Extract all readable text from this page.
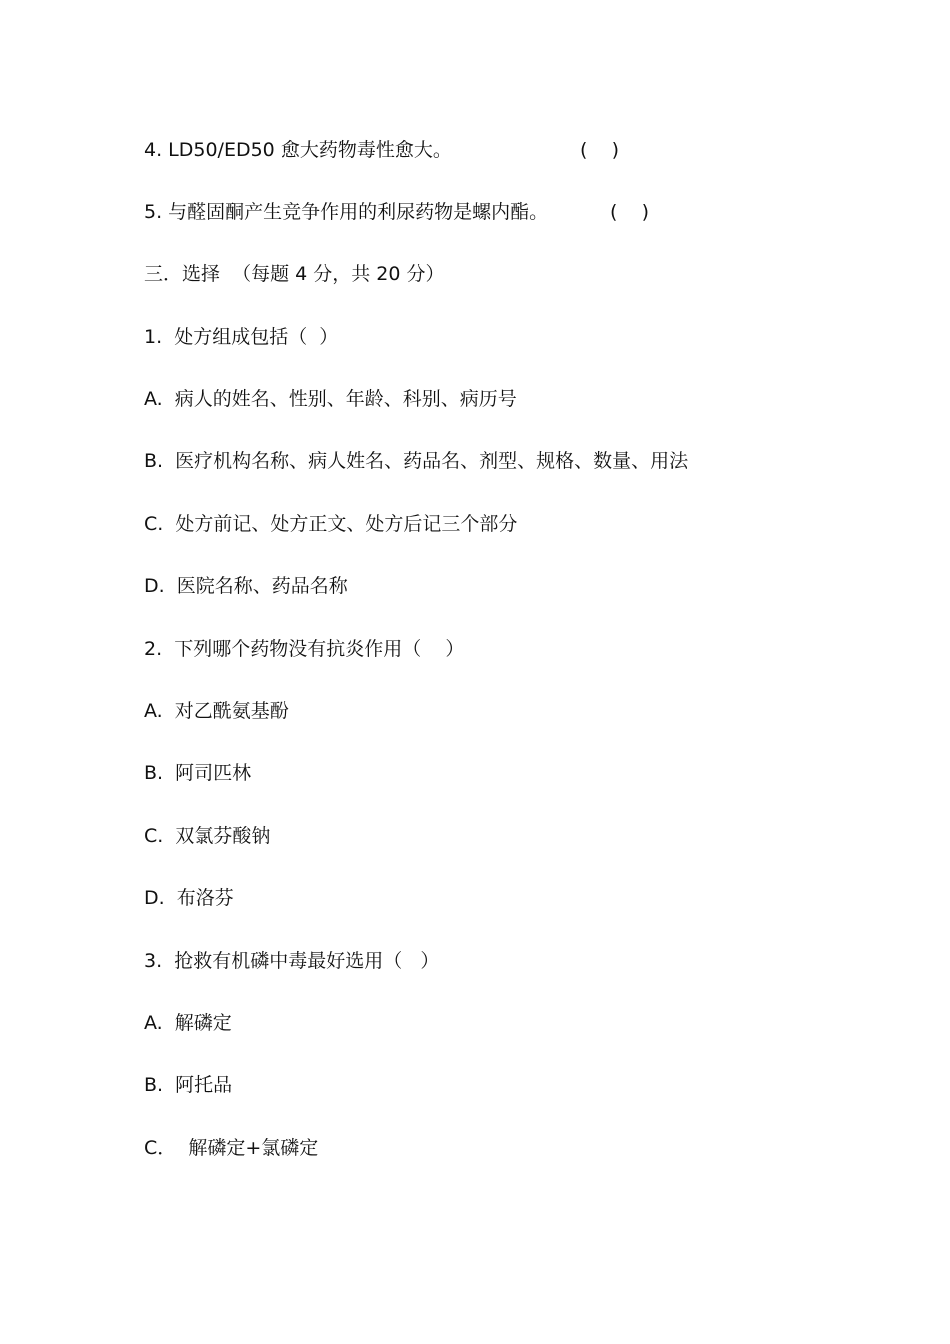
4. LD50/ED50 愈大药物毒性愈大。	(    )
5. 与醛固酮产生竞争作用的利尿药物是螺内酯。	(    )
三．选择  （每题 4 分，共 20 分）
1.  处方组成包括（  ）
A.  病人的姓名、性别、年龄、科别、病历号
B.  医疗机构名称、病人姓名、药品名、剂型、规格、数量、用法
C.  处方前记、处方正文、处方后记三个部分
D.  医院名称、药品名称
2.  下列哪个药物没有抗炎作用（    ）
A.  对乙酰氨基酚
B.  阿司匹林
C.  双氯芬酸钠
D.  布洛芬
3.  抢救有机磷中毒最好选用（   ）
A.  解磷定
B.  阿托品
C．  解磷定+氯磷定
